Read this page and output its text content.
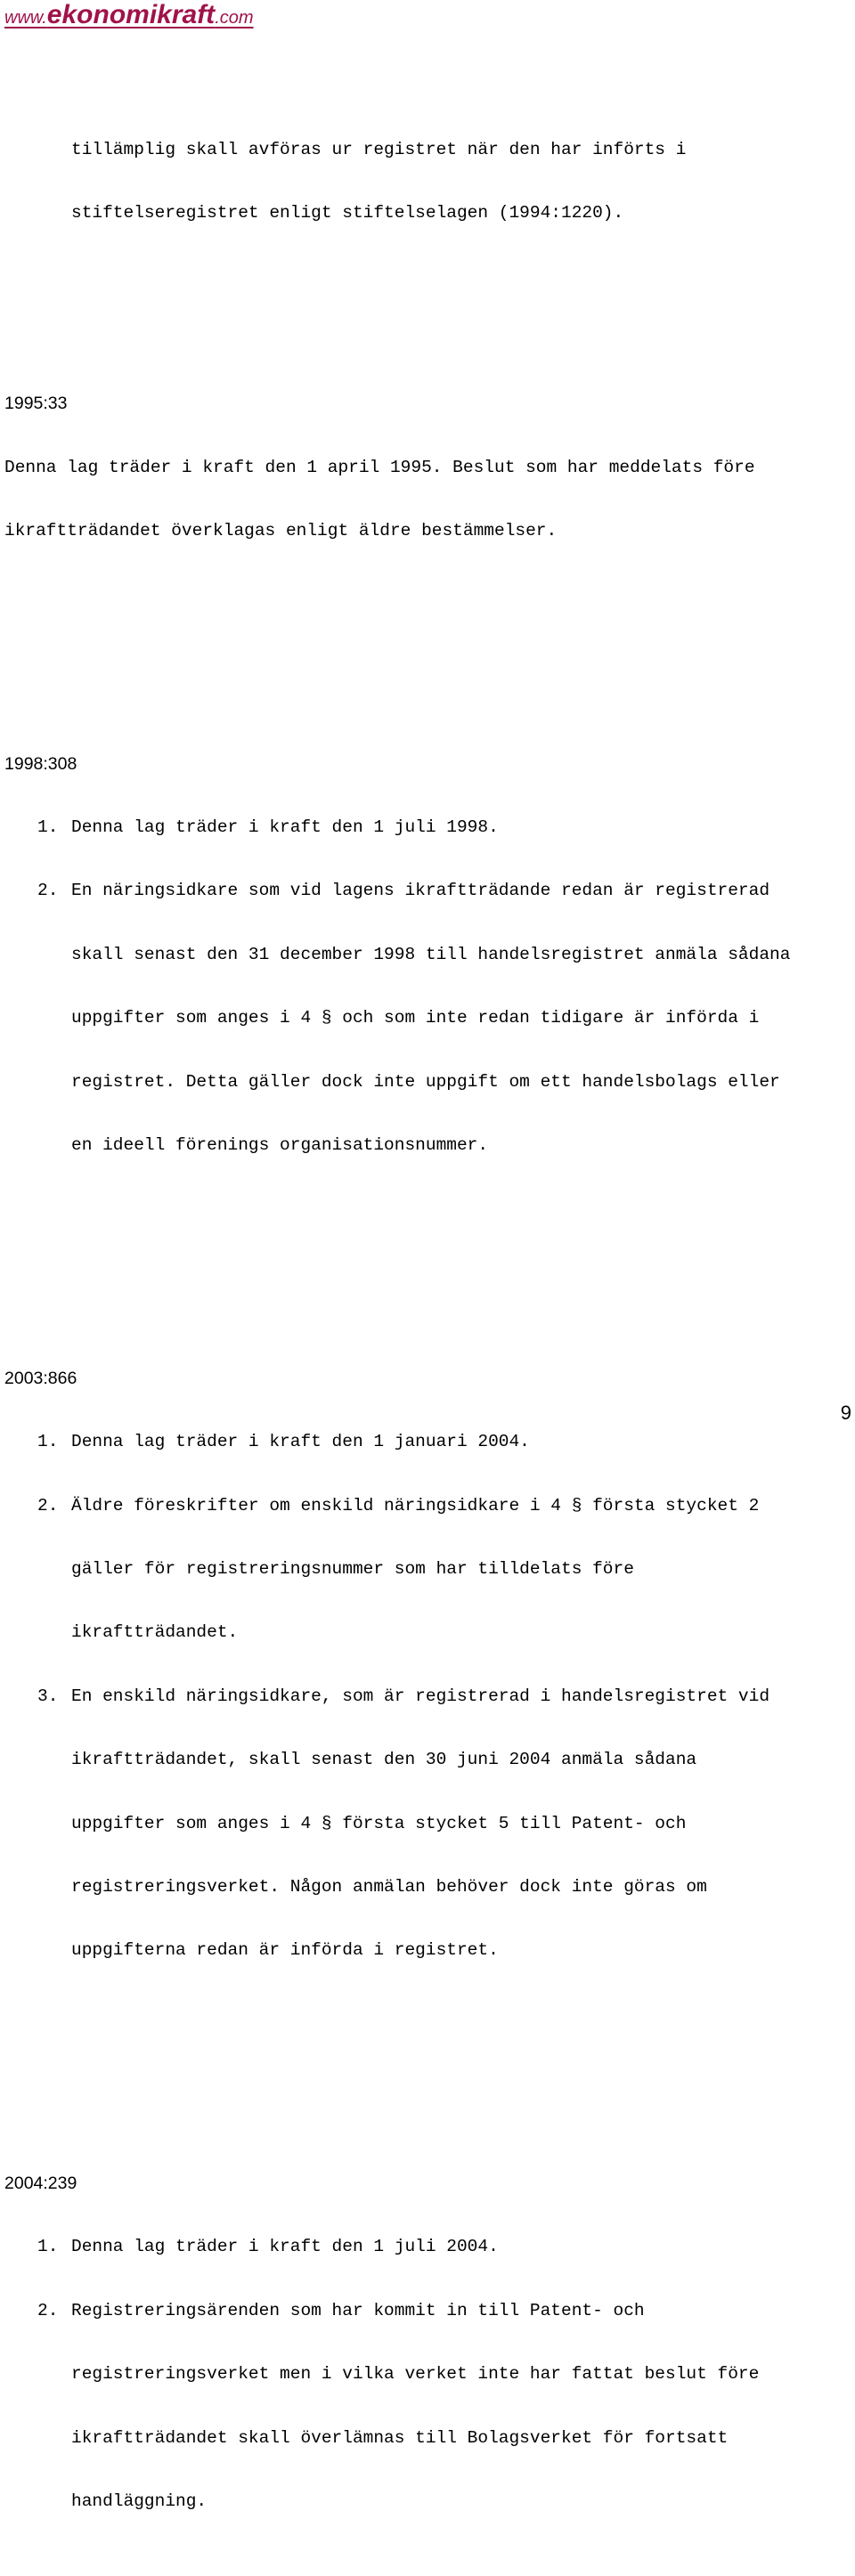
www.ekonomikraft.com

tillämplig skall avföras ur registret när den har införts i

stiftelseregistret enligt stiftelselagen (1994:1220).

1995:33

Denna lag träder i kraft den 1 april 1995. Beslut som har meddelats före

ikraftträdandet överklagas enligt äldre bestämmelser.

1998:308

1. Denna lag träder i kraft den 1 juli 1998.

2. En näringsidkare som vid lagens ikraftträdande redan är registrerad

skall senast den 31 december 1998 till handelsregistret anmäla sådana

uppgifter som anges i 4 § och som inte redan tidigare är införda i

registret. Detta gäller dock inte uppgift om ett handelsbolags eller

en ideell förenings organisationsnummer.

2003:866

1. Denna lag träder i kraft den 1 januari 2004.

2. Äldre föreskrifter om enskild näringsidkare i 4 § första stycket 2

gäller för registreringsnummer som har tilldelats före

ikraftträdandet.

3. En enskild näringsidkare, som är registrerad i handelsregistret vid

ikraftträdandet, skall senast den 30 juni 2004 anmäla sådana

uppgifter som anges i 4 § första stycket 5 till Patent- och

registreringsverket. Någon anmälan behöver dock inte göras om

uppgifterna redan är införda i registret.

2004:239

1. Denna lag träder i kraft den 1 juli 2004.

2. Registreringsärenden som har kommit in till Patent- och

registreringsverket men i vilka verket inte har fattat beslut före

ikraftträdandet skall överlämnas till Bolagsverket för fortsatt

handläggning.

9
